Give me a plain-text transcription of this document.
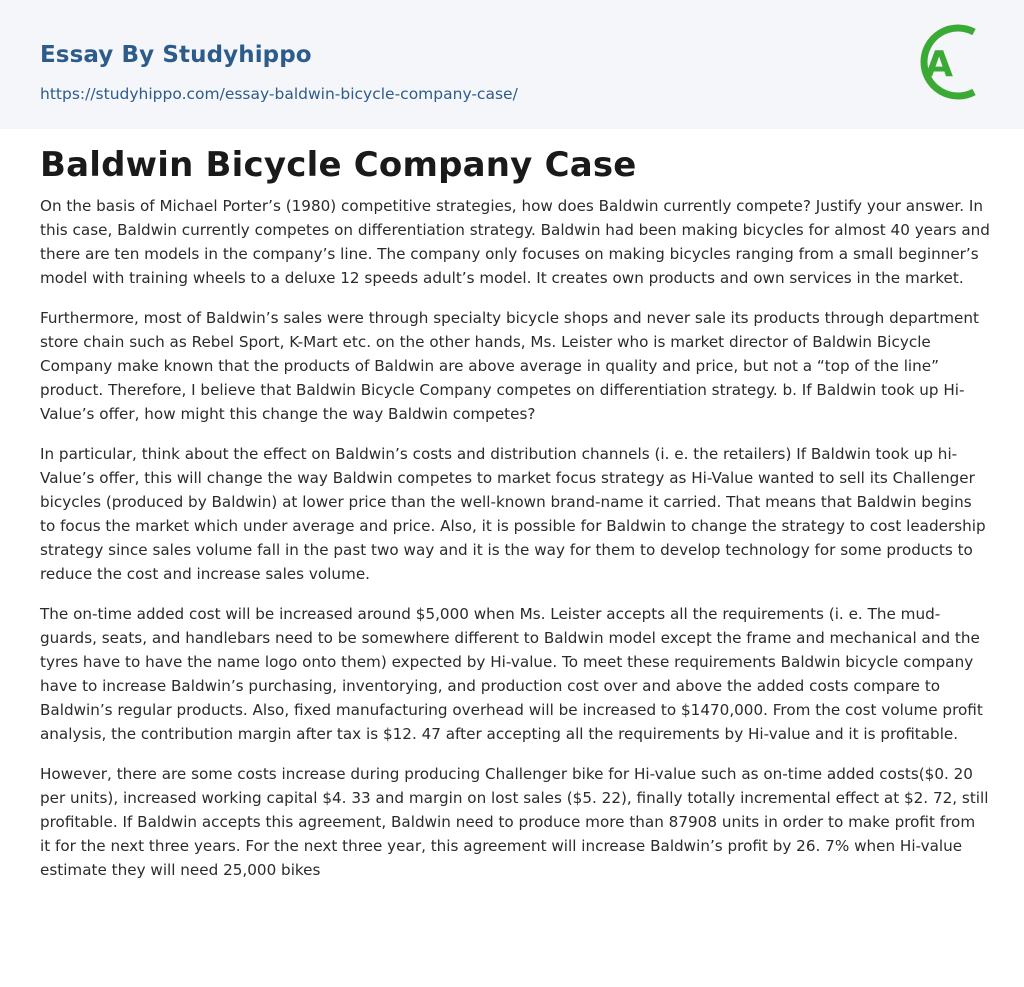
Essay By Studyhippo
https://studyhippo.com/essay-baldwin-bicycle-company-case/
A
Baldwin Bicycle Company Case

On the basis of Michael Porter’s (1980) competitive strategies, how does Baldwin currently compete? Justify your answer. In this case, Baldwin currently competes on differentiation strategy. Baldwin had been making bicycles for almost 40 years and there are ten models in the company’s line. The company only focuses on making bicycles ranging from a small beginner’s model with training wheels to a deluxe 12 speeds adult’s model. It creates own products and own services in the market.

Furthermore, most of Baldwin’s sales were through specialty bicycle shops and never sale its products through department store chain such as Rebel Sport, K-Mart etc. on the other hands, Ms. Leister who is market director of Baldwin Bicycle Company make known that the products of Baldwin are above average in quality and price, but not a “top of the line” product. Therefore, I believe that Baldwin Bicycle Company competes on differentiation strategy. b. If Baldwin took up Hi-Value’s offer, how might this change the way Baldwin competes?

In particular, think about the effect on Baldwin’s costs and distribution channels (i. e. the retailers) If Baldwin took up hi-Value’s offer, this will change the way Baldwin competes to market focus strategy as Hi-Value wanted to sell its Challenger bicycles (produced by Baldwin) at lower price than the well-known brand-name it carried. That means that Baldwin begins to focus the market which under average and price. Also, it is possible for Baldwin to change the strategy to cost leadership strategy since sales volume fall in the past two way and it is the way for them to develop technology for some products to reduce the cost and increase sales volume.

The on-time added cost will be increased around $5,000 when Ms. Leister accepts all the requirements (i. e. The mud-guards, seats, and handlebars need to be somewhere different to Baldwin model except the frame and mechanical and the tyres have to have the name logo onto them) expected by Hi-value. To meet these requirements Baldwin bicycle company have to increase Baldwin’s purchasing, inventorying, and production cost over and above the added costs compare to Baldwin’s regular products. Also, fixed manufacturing overhead will be increased to $1470,000. From the cost volume profit analysis, the contribution margin after tax is $12. 47 after accepting all the requirements by Hi-value and it is profitable.

However, there are some costs increase during producing Challenger bike for Hi-value such as on-time added costs($0. 20 per units), increased working capital $4. 33 and margin on lost sales ($5. 22), finally totally incremental effect at $2. 72, still profitable. If Baldwin accepts this agreement, Baldwin need to produce more than 87908 units in order to make profit from it for the next three years. For the next three year, this agreement will increase Baldwin’s profit by 26. 7% when Hi-value estimate they will need 25,000 bikes
